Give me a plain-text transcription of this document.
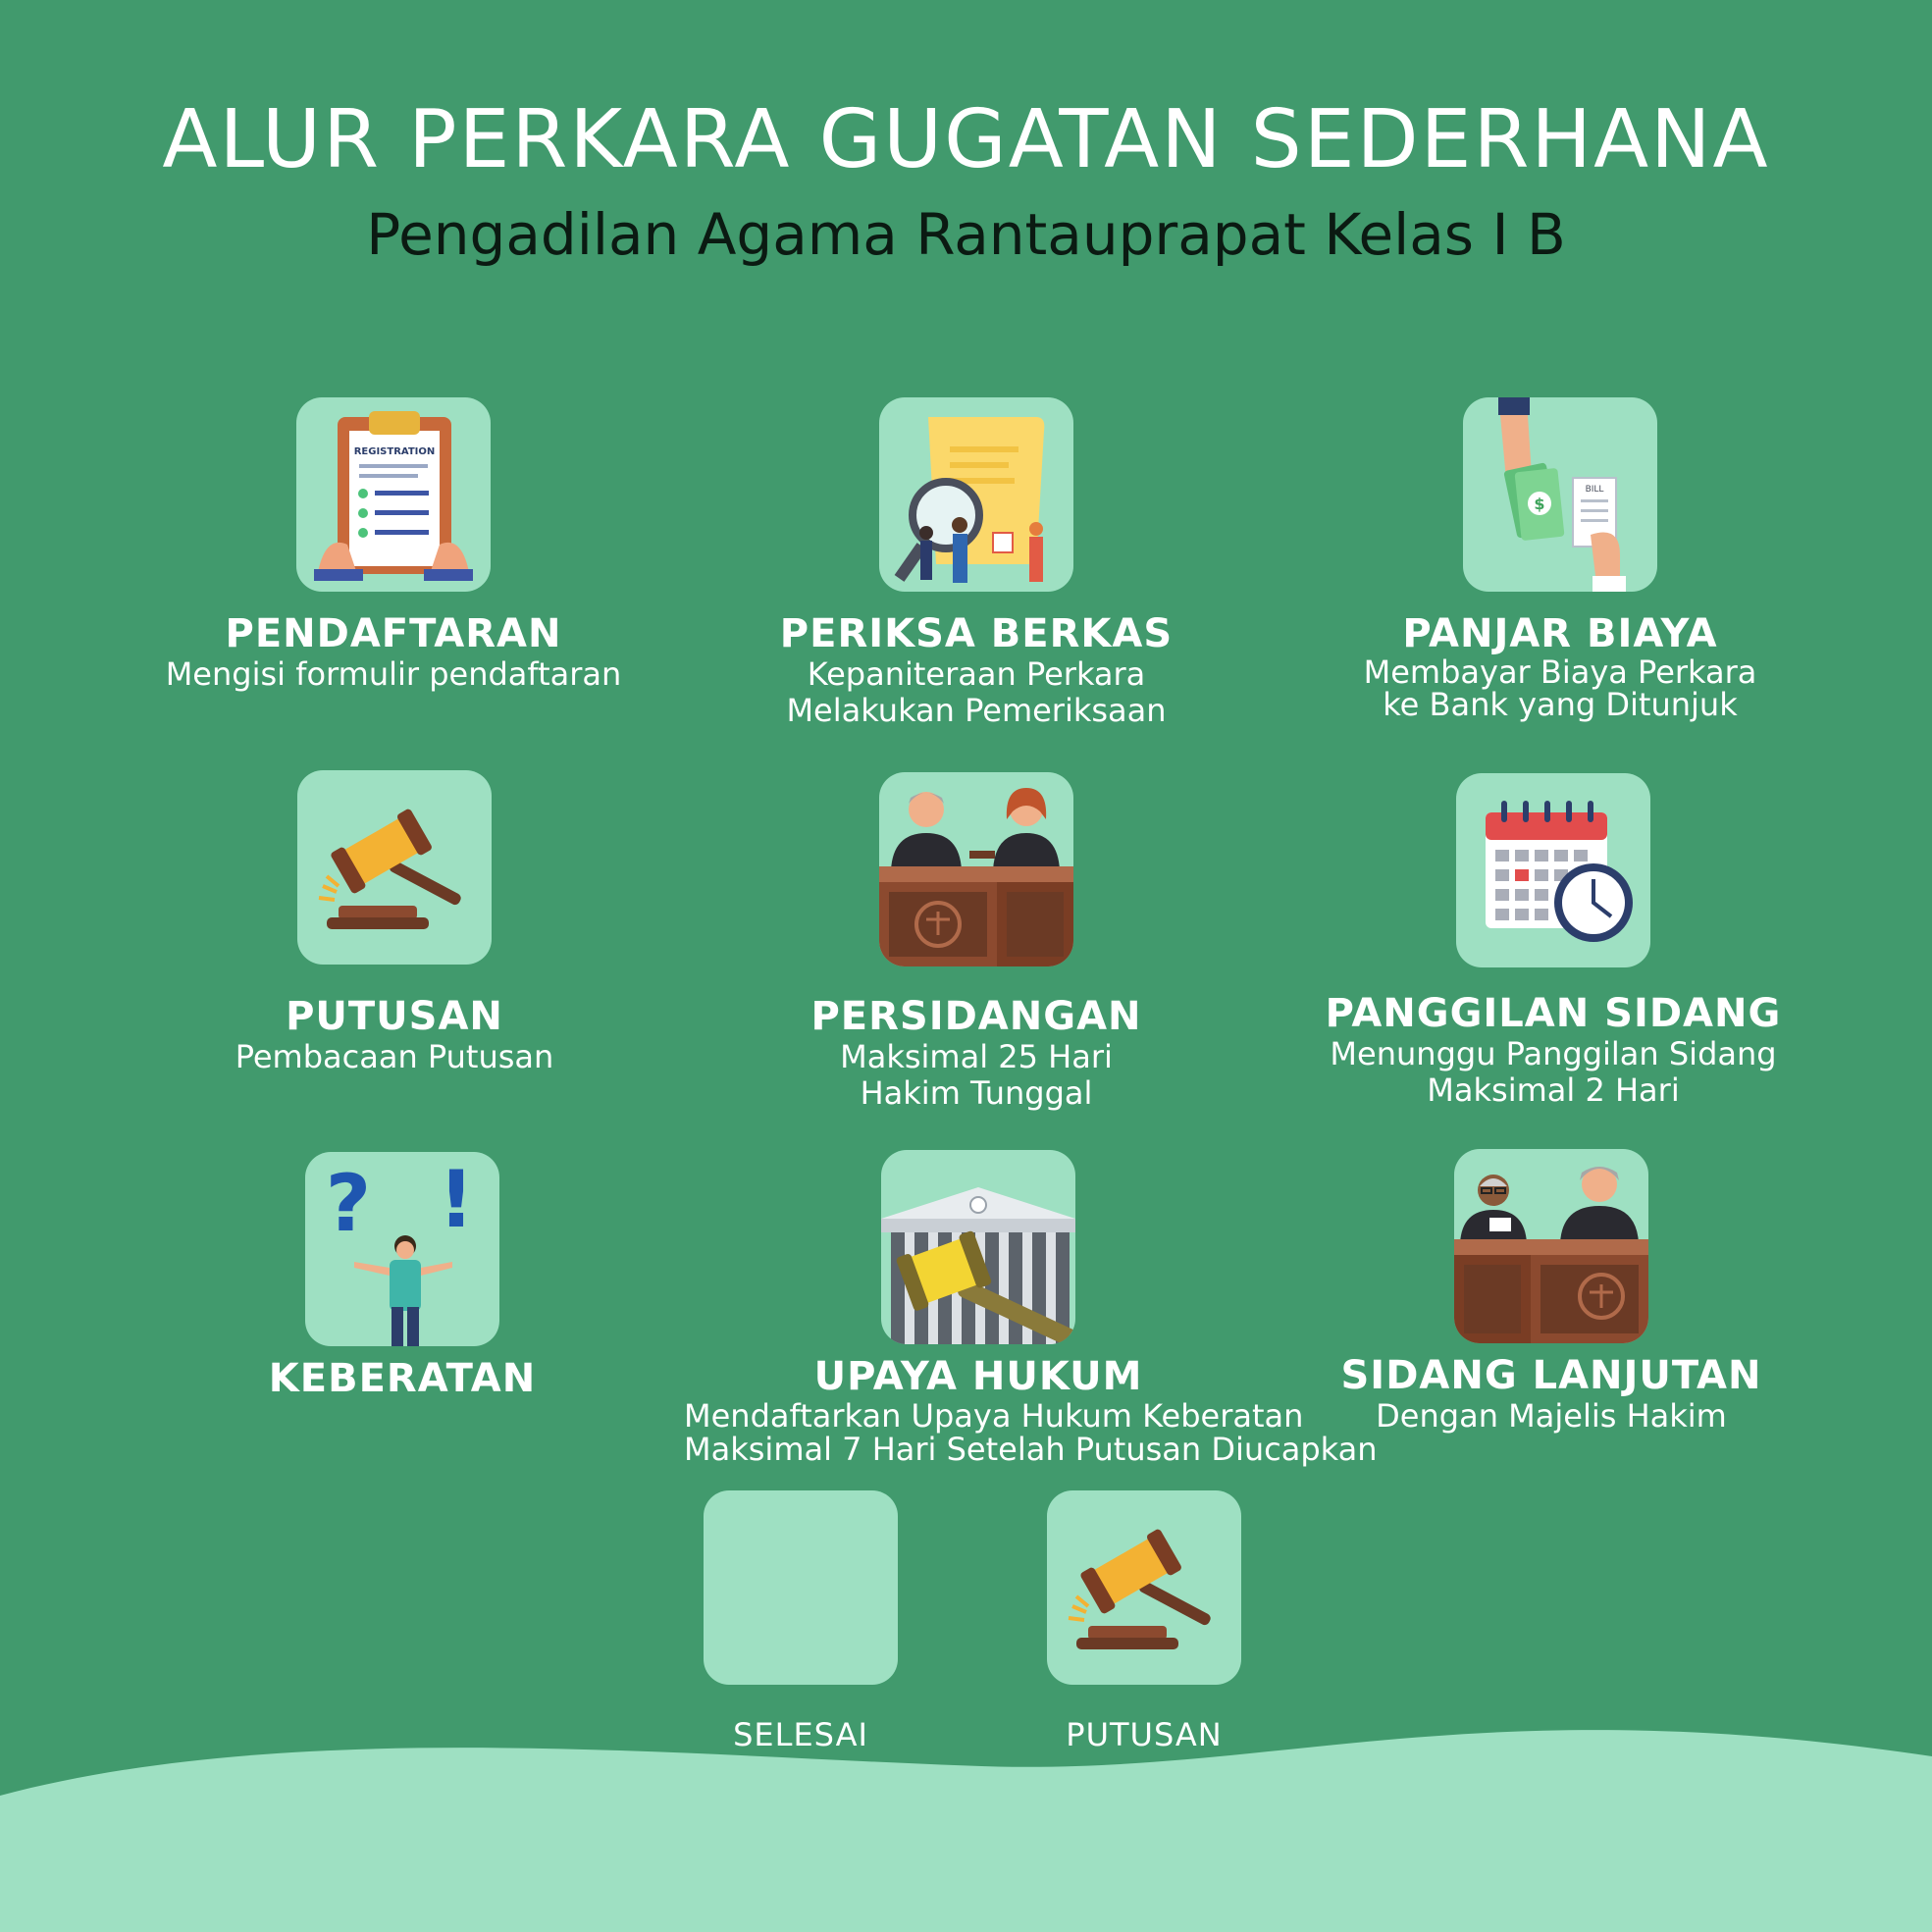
ALUR PERKARA GUGATAN SEDERHANA
Pengadilan Agama Rantauprapat Kelas I B
REGISTRATION
PENDAFTARAN
Mengisi formulir pendaftaran
PERIKSA BERKAS
Kepaniteraan Perkara
Melakukan Pemeriksaan
$
BILL
PANJAR BIAYA
Membayar Biaya Perkara
ke Bank yang Ditunjuk
PUTUSAN
Pembacaan Putusan
PERSIDANGAN
Maksimal 25 Hari
Hakim Tunggal
PANGGILAN SIDANG
Menunggu Panggilan Sidang
Maksimal 2 Hari
? !
KEBERATAN	UPAYA HUKUM
Mendaftarkan Upaya Hukum Keberatan
Maksimal 7 Hari Setelah Putusan Diucapkan
SIDANG LANJUTAN
Dengan Majelis Hakim
SELESAI	PUTUSAN
